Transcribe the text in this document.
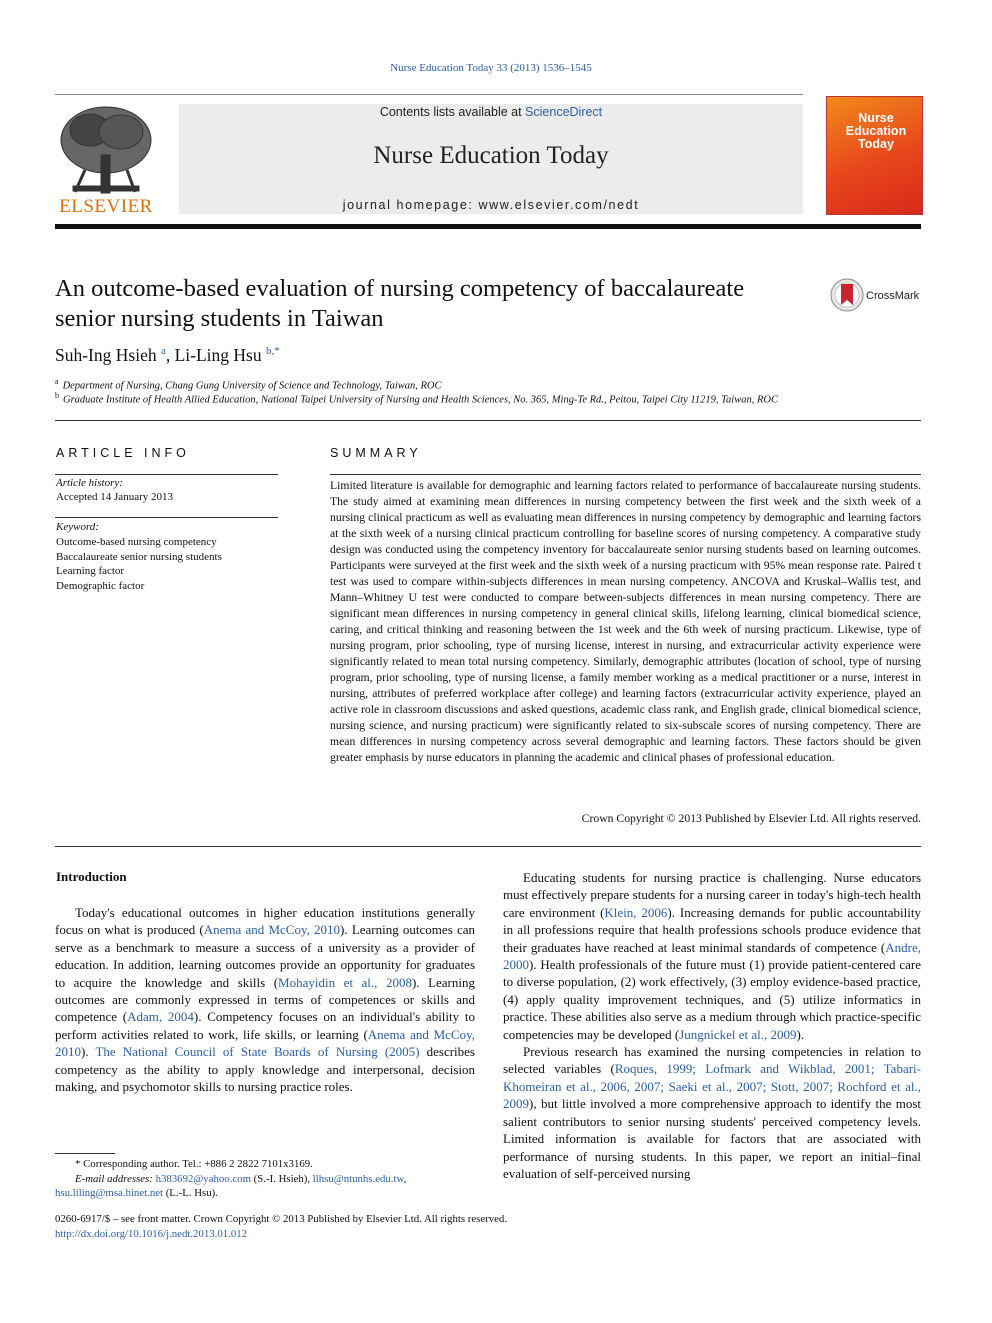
Nurse Education Today 33 (2013) 1536–1545
ELSEVIER
Contents lists available at ScienceDirect
Nurse Education Today
journal homepage: www.elsevier.com/nedt
Nurse
Education
Today
An outcome-based evaluation of nursing competency of baccalaureate
senior nursing students in Taiwan
CrossMark
Suh-Ing Hsieh $^a$, Li-Ling Hsu $^{b,*}$
$^a$ Department of Nursing, Chang Gung University of Science and Technology, Taiwan, ROC
$^b$ Graduate Institute of Health Allied Education, National Taipei University of Nursing and Health Sciences, No. 365, Ming-Te Rd., Peitou, Taipei City 11219, Taiwan, ROC
ARTICLE INFO
Article history:
Accepted 14 January 2013
Keyword:
Outcome-based nursing competency
Baccalaureate senior nursing students
Learning factor
Demographic factor
SUMMARY
Limited literature is available for demographic and learning factors related to performance of baccalaureate nursing students. The study aimed at examining mean differences in nursing competency between the first week and the sixth week of a nursing clinical practicum as well as evaluating mean differences in nursing competency by demographic and learning factors at the sixth week of a nursing clinical practicum controlling for baseline scores of nursing competency. A comparative study design was conducted using the competency inventory for baccalaureate senior nursing students based on learning outcomes. Participants were surveyed at the first week and the sixth week of a nursing practicum with 95% mean response rate. Paired t test was used to compare within-subjects differences in mean nursing competency. ANCOVA and Kruskal–Wallis test, and Mann–Whitney U test were conducted to compare between-subjects differences in mean nursing competency. There are significant mean differences in nursing competency in general clinical skills, lifelong learning, clinical biomedical science, caring, and critical thinking and reasoning between the 1st week and the 6th week of nursing practicum. Likewise, type of nursing program, prior schooling, type of nursing license, interest in nursing, and extracurricular activity experience were significantly related to mean total nursing competency. Similarly, demographic attributes (location of school, type of nursing program, prior schooling, type of nursing license, a family member working as a medical practitioner or a nurse, interest in nursing, attributes of preferred workplace after college) and learning factors (extracurricular activity experience, played an active role in classroom discussions and asked questions, academic class rank, and English grade, clinical biomedical science, nursing science, and nursing practicum) were significantly related to six-subscale scores of nursing competency. There are mean differences in nursing competency across several demographic and learning factors. These factors should be given greater emphasis by nurse educators in planning the academic and clinical phases of professional education.
Crown Copyright © 2013 Published by Elsevier Ltd. All rights reserved.
Introduction

Today's educational outcomes in higher education institutions generally focus on what is produced (Anema and McCoy, 2010). Learning outcomes can serve as a benchmark to measure a success of a university as a provider of education. In addition, learning outcomes provide an opportunity for graduates to acquire the knowledge and skills (Mohayidin et al., 2008). Learning outcomes are commonly expressed in terms of competences or skills and competence (Adam, 2004). Competency focuses on an individual's ability to perform activities related to work, life skills, or learning (Anema and McCoy, 2010). The National Council of State Boards of Nursing (2005) describes competency as the ability to apply knowledge and interpersonal, decision making, and psychomotor skills to nursing practice roles.

Educating students for nursing practice is challenging. Nurse educators must effectively prepare students for a nursing career in today's high-tech health care environment (Klein, 2006). Increasing demands for public accountability in all professions require that health professions schools produce evidence that their graduates have reached at least minimal standards of competence (Andre, 2000). Health professionals of the future must (1) provide patient-centered care to diverse population, (2) work effectively, (3) employ evidence-based practice, (4) apply quality improvement techniques, and (5) utilize informatics in practice. These abilities also serve as a medium through which practice-specific competencies may be developed (Jungnickel et al., 2009).

Previous research has examined the nursing competencies in relation to selected variables (Roques, 1999; Lofmark and Wikblad, 2001; Tabari-Khomeiran et al., 2006, 2007; Saeki et al., 2007; Stott, 2007; Rochford et al., 2009), but little involved a more comprehensive approach to identify the most salient contributors to senior nursing students' perceived competency levels. Limited information is available for factors that are associated with performance of nursing students. In this paper, we report an initial–final evaluation of self-perceived nursing

* Corresponding author. Tel.: +886 2 2822 7101x3169.
E-mail addresses: h383692@yahoo.com (S.-I. Hsieh), llhsu@ntunhs.edu.tw,
hsu.liling@msa.hinet.net (L.-L. Hsu).
0260-6917/$ – see front matter. Crown Copyright © 2013 Published by Elsevier Ltd. All rights reserved.
http://dx.doi.org/10.1016/j.nedt.2013.01.012
